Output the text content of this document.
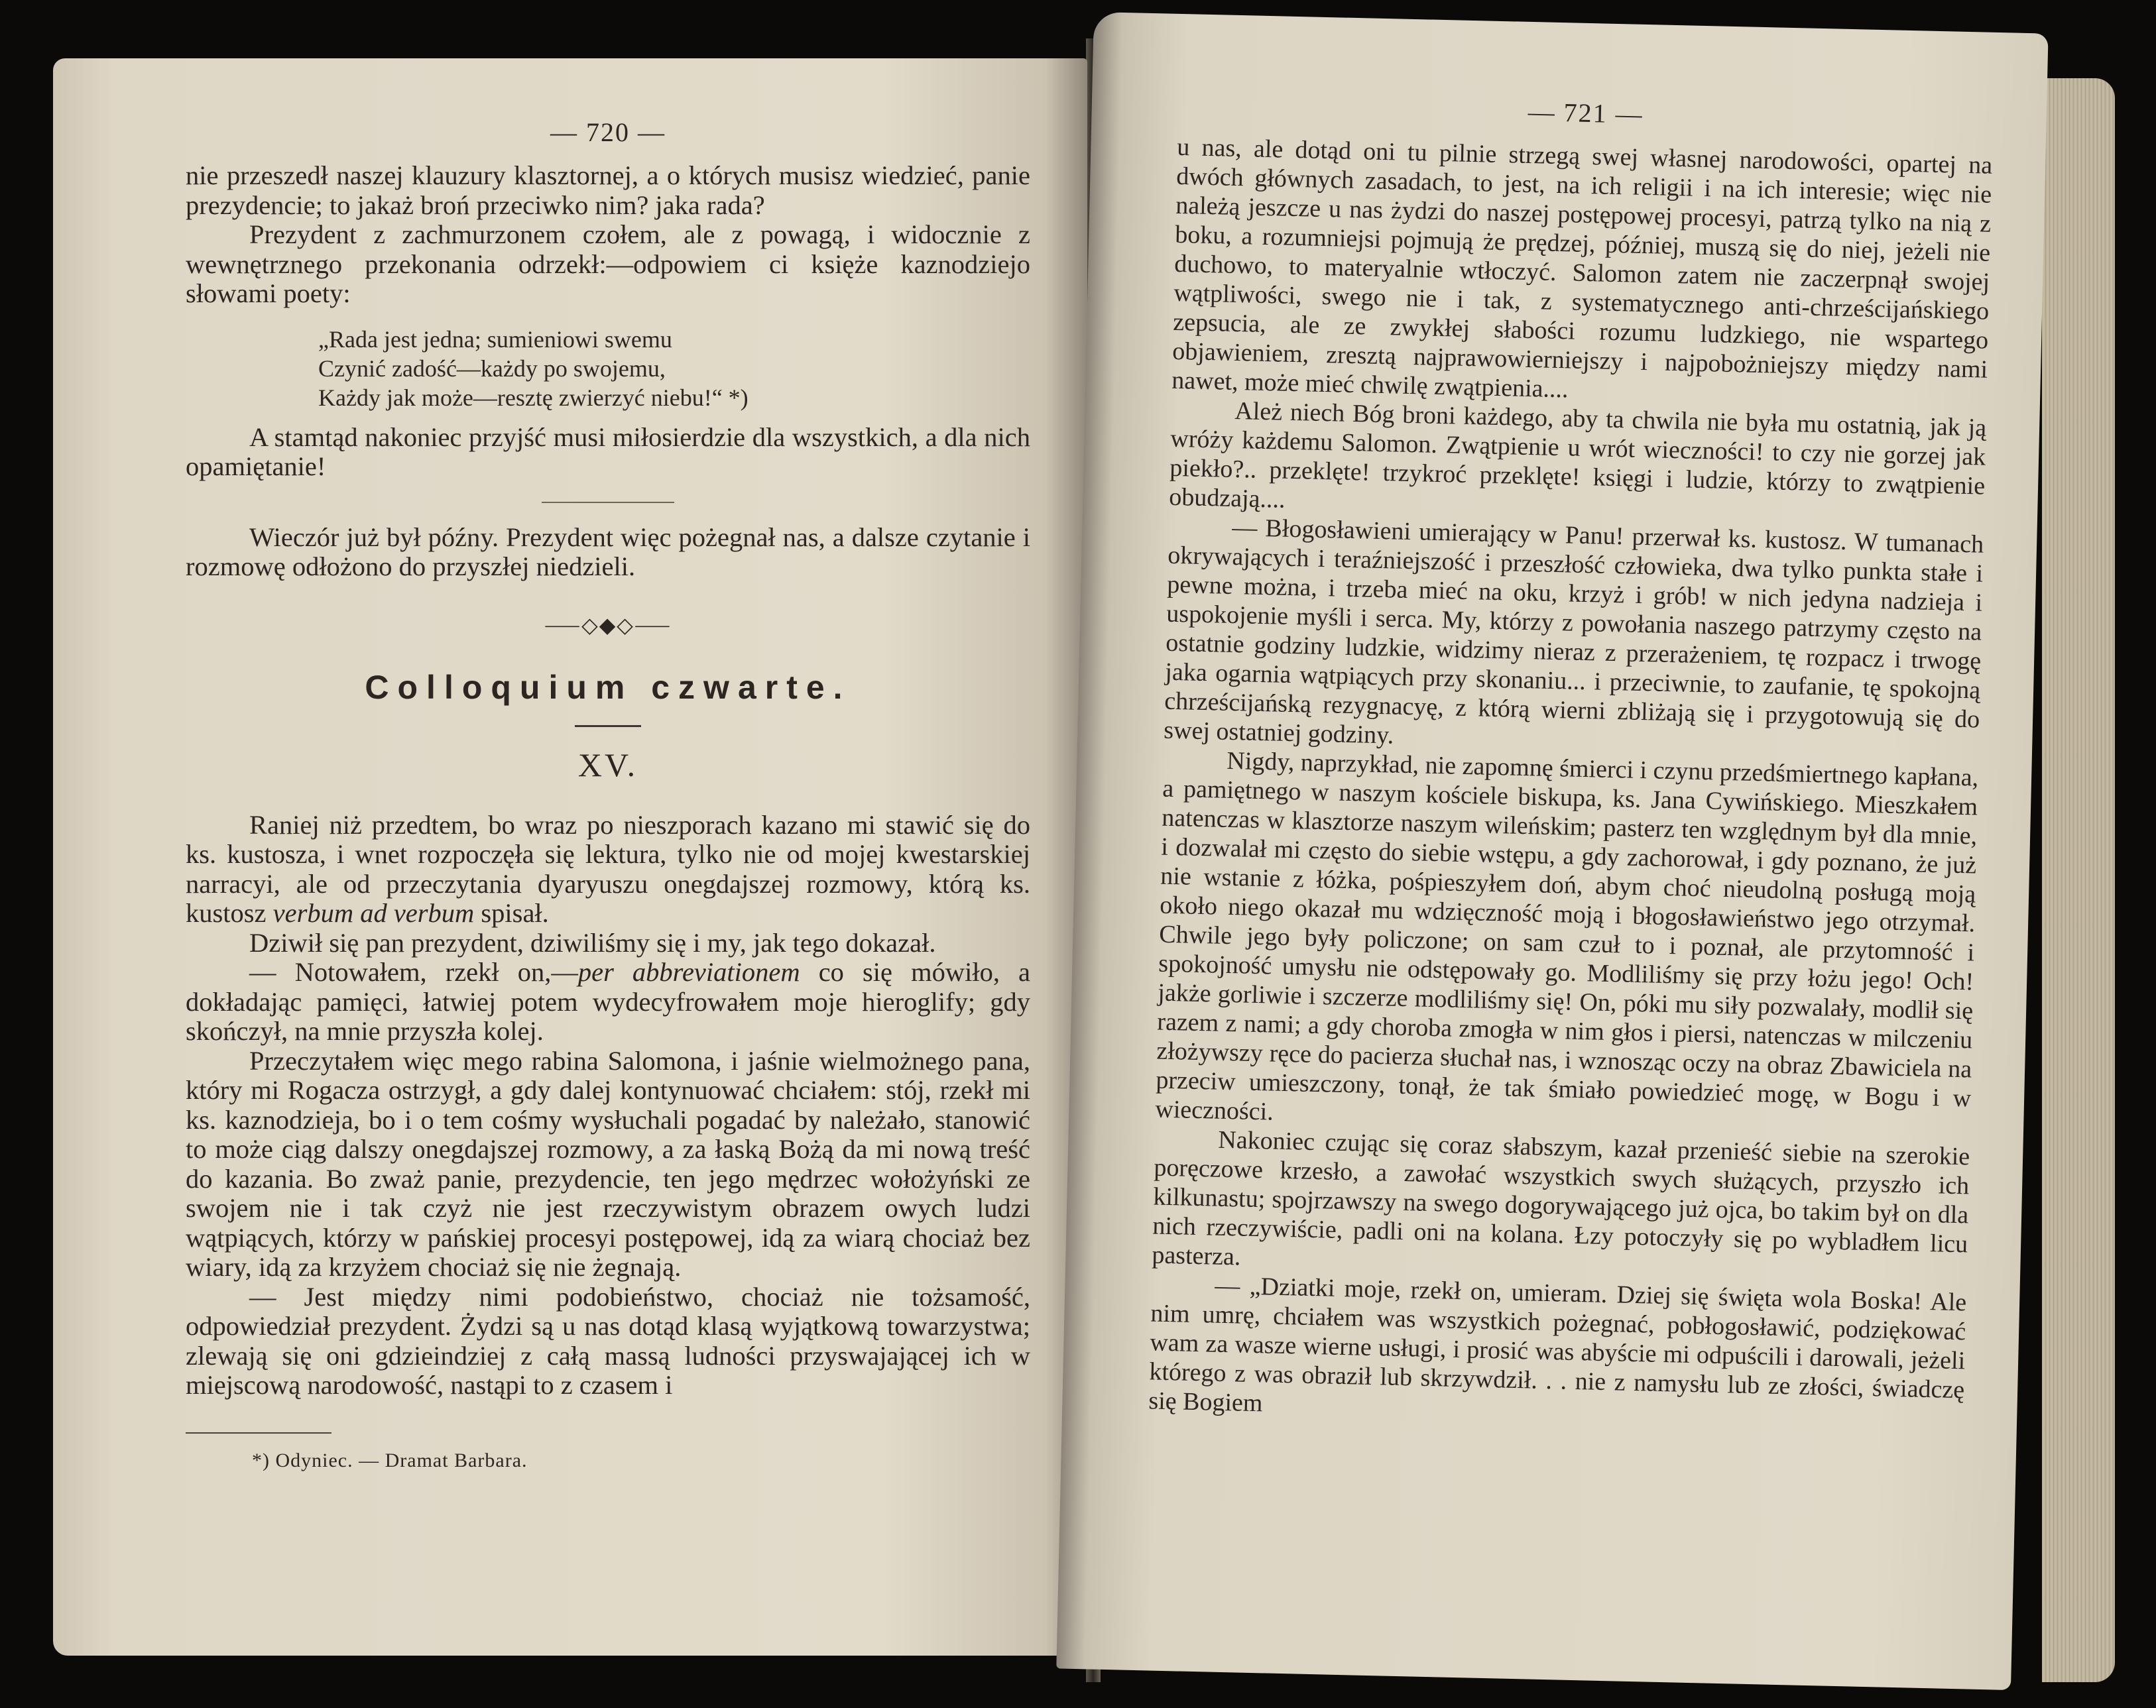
— 720 —

nie przeszedł naszej klauzury klasztornej, a o których musisz wiedzieć, panie prezydencie; to jakaż broń przeciwko nim? jaka rada?

Prezydent z zachmurzonem czołem, ale z powagą, i widocznie z wewnętrznego przekonania odrzekł:—odpowiem ci księże kaznodziejo słowami poety:

„Rada jest jedna; sumieniowi swemu
Czynić zadość—każdy po swojemu,
Każdy jak może—resztę zwierzyć niebu!“ *)

A stamtąd nakoniec przyjść musi miłosierdzie dla wszystkich, a dla nich opamiętanie!

Wieczór już był późny. Prezydent więc pożegnał nas, a dalsze czytanie i rozmowę odłożono do przyszłej niedzieli.

⸺◇◆◇⸺
Colloquium czwarte.
XV.

Raniej niż przedtem, bo wraz po nieszporach kazano mi stawić się do ks. kustosza, i wnet rozpoczęła się lektura, tylko nie od mojej kwestarskiej narracyi, ale od przeczytania dyaryuszu onegdajszej rozmowy, którą ks. kustosz verbum ad verbum spisał.

Dziwił się pan prezydent, dziwiliśmy się i my, jak tego dokazał.

— Notowałem, rzekł on,—per abbreviationem co się mówiło, a dokładając pamięci, łatwiej potem wydecyfrowałem moje hieroglify; gdy skończył, na mnie przyszła kolej.

Przeczytałem więc mego rabina Salomona, i jaśnie wielmożnego pana, który mi Rogacza ostrzygł, a gdy dalej kontynuować chciałem: stój, rzekł mi ks. kaznodzieja, bo i o tem cośmy wysłuchali pogadać by należało, stanowić to może ciąg dalszy onegdajszej rozmowy, a za łaską Bożą da mi nową treść do kazania. Bo zważ panie, prezydencie, ten jego mędrzec wołożyński ze swojem nie i tak czyż nie jest rzeczywistym obrazem owych ludzi wątpiących, którzy w pańskiej procesyi postępowej, idą za wiarą chociaż bez wiary, idą za krzyżem chociaż się nie żegnają.

— Jest między nimi podobieństwo, chociaż nie tożsamość, odpowiedział prezydent. Żydzi są u nas dotąd klasą wyjątkową towarzystwa; zlewają się oni gdzieindziej z całą massą ludności przyswajającej ich w miejscową narodowość, nastąpi to z czasem i

*) Odyniec. — Dramat Barbara.
— 721 —

u nas, ale dotąd oni tu pilnie strzegą swej własnej narodowości, opartej na dwóch głównych zasadach, to jest, na ich religii i na ich interesie; więc nie należą jeszcze u nas żydzi do naszej postępowej procesyi, patrzą tylko na nią z boku, a rozumniejsi pojmują że prędzej, później, muszą się do niej, jeżeli nie duchowo, to materyalnie wtłoczyć. Salomon zatem nie zaczerpnął swojej wątpliwości, swego nie i tak, z systematycznego anti-chrześcijańskiego zepsucia, ale ze zwykłej słabości rozumu ludzkiego, nie wspartego objawieniem, zresztą najprawowierniejszy i najpobożniejszy między nami nawet, może mieć chwilę zwątpienia....

Ależ niech Bóg broni każdego, aby ta chwila nie była mu ostatnią, jak ją wróży każdemu Salomon. Zwątpienie u wrót wieczności! to czy nie gorzej jak piekło?.. przeklęte! trzykroć przeklęte! księgi i ludzie, którzy to zwątpienie obudzają....

— Błogosławieni umierający w Panu! przerwał ks. kustosz. W tumanach okrywających i teraźniejszość i przeszłość człowieka, dwa tylko punkta stałe i pewne można, i trzeba mieć na oku, krzyż i grób! w nich jedyna nadzieja i uspokojenie myśli i serca. My, którzy z powołania naszego patrzymy często na ostatnie godziny ludzkie, widzimy nieraz z przerażeniem, tę rozpacz i trwogę jaka ogarnia wątpiących przy skonaniu... i przeciwnie, to zaufanie, tę spokojną chrześcijańską rezygnacyę, z którą wierni zbliżają się i przygotowują się do swej ostatniej godziny.

Nigdy, naprzykład, nie zapomnę śmierci i czynu przedśmiertnego kapłana, a pamiętnego w naszym kościele biskupa, ks. Jana Cywińskiego. Mieszkałem natenczas w klasztorze naszym wileńskim; pasterz ten względnym był dla mnie, i dozwalał mi często do siebie wstępu, a gdy zachorował, i gdy poznano, że już nie wstanie z łóżka, pośpieszyłem doń, abym choć nieudolną posługą moją około niego okazał mu wdzięczność moją i błogosławieństwo jego otrzymał. Chwile jego były policzone; on sam czuł to i poznał, ale przytomność i spokojność umysłu nie odstępowały go. Modliliśmy się przy łożu jego! Och! jakże gorliwie i szczerze modliliśmy się! On, póki mu siły pozwalały, modlił się razem z nami; a gdy choroba zmogła w nim głos i piersi, natenczas w milczeniu złożywszy ręce do pacierza słuchał nas, i wznosząc oczy na obraz Zbawiciela na przeciw umieszczony, tonął, że tak śmiało powiedzieć mogę, w Bogu i w wieczności.

Nakoniec czując się coraz słabszym, kazał przenieść siebie na szerokie poręczowe krzesło, a zawołać wszystkich swych służących, przyszło ich kilkunastu; spojrzawszy na swego dogorywającego już ojca, bo takim był on dla nich rzeczywiście, padli oni na kolana. Łzy potoczyły się po wybladłem licu pasterza.

— „Dziatki moje, rzekł on, umieram. Dziej się święta wola Boska! Ale nim umrę, chciałem was wszystkich pożegnać, pobłogosławić, podziękować wam za wasze wierne usługi, i prosić was abyście mi odpuścili i darowali, jeżeli którego z was obraził lub skrzywdził. . . nie z namysłu lub ze złości, świadczę się Bogiem
